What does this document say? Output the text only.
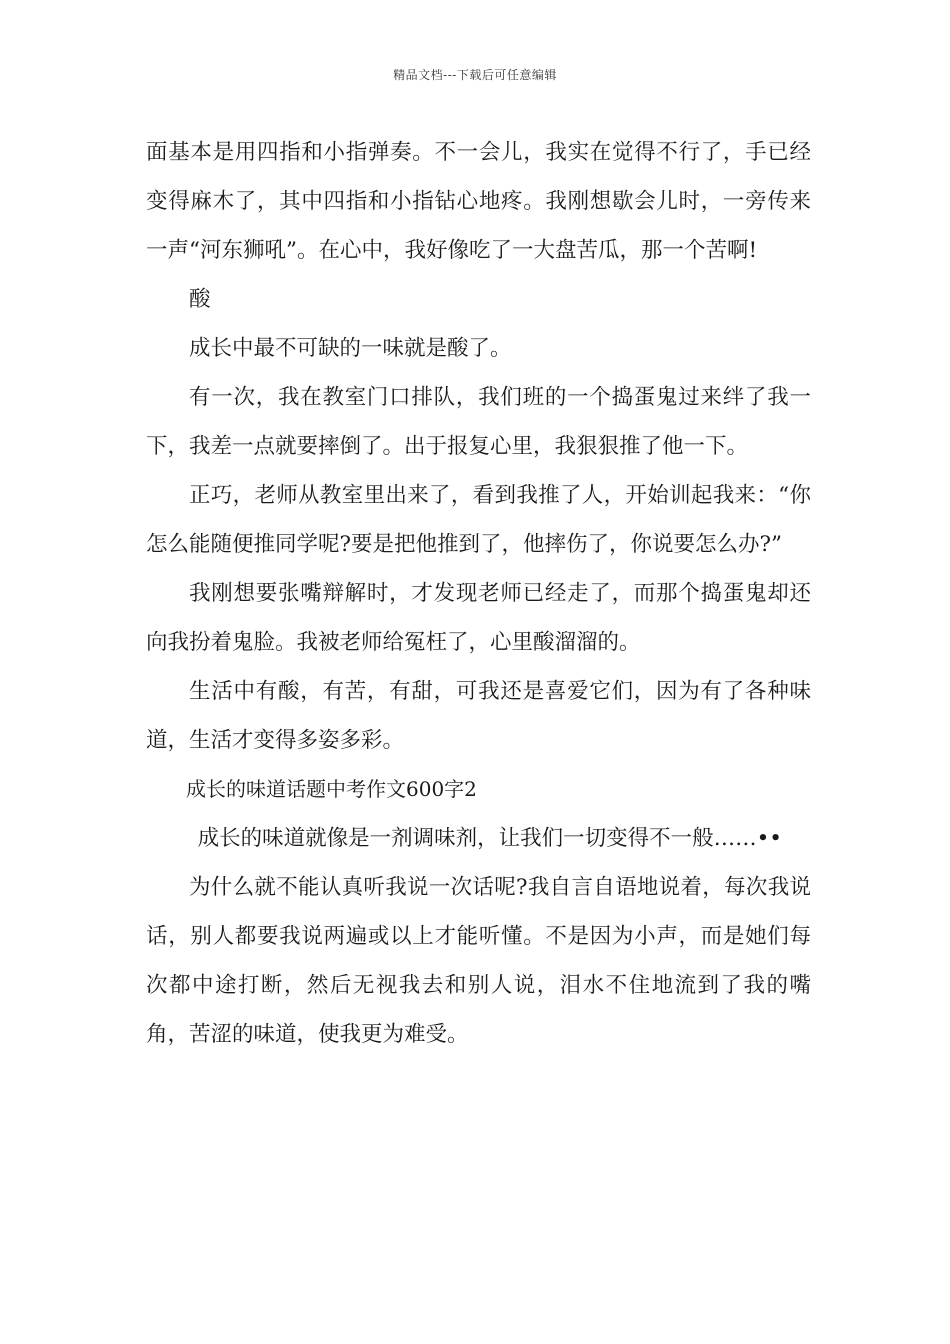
精品文档---下载后可任意编辑

面基本是用四指和小指弹奏。不一会儿，我实在觉得不行了，手已经变得麻木了，其中四指和小指钻心地疼。我刚想歇会儿时，一旁传来一声“河东狮吼”。在心中，我好像吃了一大盘苦瓜，那一个苦啊!

酸

成长中最不可缺的一味就是酸了。

有一次，我在教室门口排队，我们班的一个捣蛋鬼过来绊了我一下，我差一点就要摔倒了。出于报复心里，我狠狠推了他一下。

正巧，老师从教室里出来了，看到我推了人，开始训起我来：“你怎么能随便推同学呢?要是把他推到了，他摔伤了，你说要怎么办?”

我刚想要张嘴辩解时，才发现老师已经走了，而那个捣蛋鬼却还向我扮着鬼脸。我被老师给冤枉了，心里酸溜溜的。

生活中有酸，有苦，有甜，可我还是喜爱它们，因为有了各种味道，生活才变得多姿多彩。

成长的味道话题中考作文600字2

成长的味道就像是一剂调味剂，让我们一切变得不一般……••

为什么就不能认真听我说一次话呢?我自言自语地说着，每次我说话，别人都要我说两遍或以上才能听懂。不是因为小声，而是她们每次都中途打断，然后无视我去和别人说，泪水不住地流到了我的嘴角，苦涩的味道，使我更为难受。
